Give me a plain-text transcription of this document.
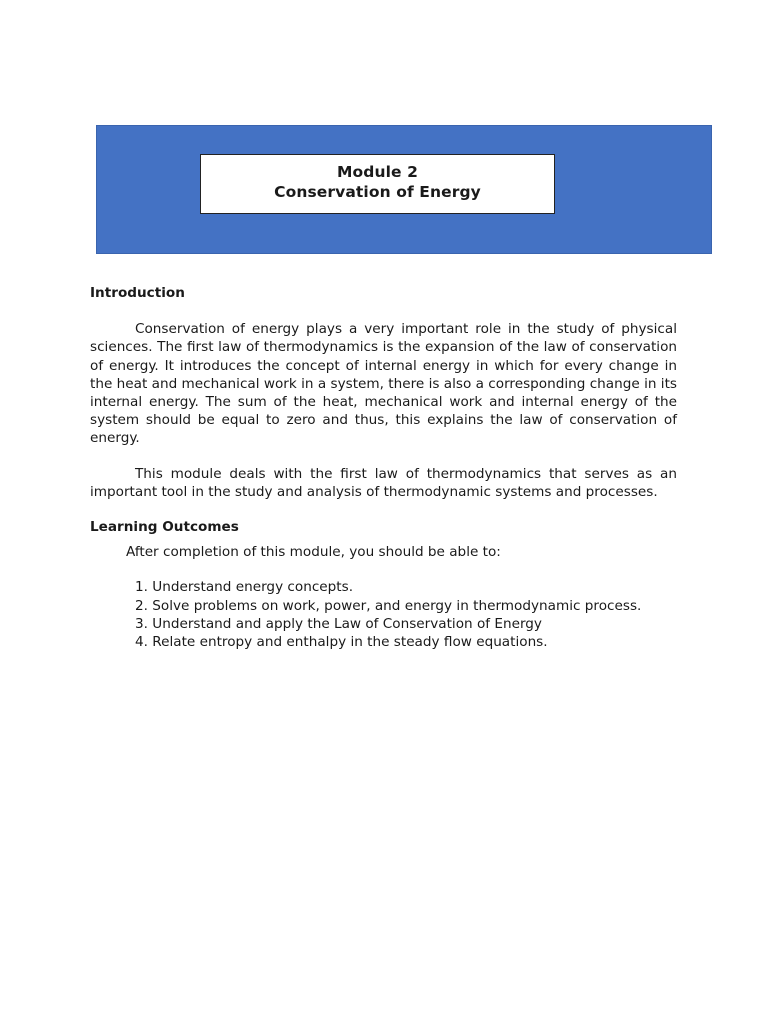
Module 2
Conservation of Energy

Introduction

Conservation of energy plays a very important role in the study of physical sciences. The first law of thermodynamics is the expansion of the law of conservation of energy. It introduces the concept of internal energy in which for every change in the heat and mechanical work in a system, there is also a corresponding change in its internal energy. The sum of the heat, mechanical work and internal energy of the system should be equal to zero and thus, this explains the law of conservation of energy.

This module deals with the first law of thermodynamics that serves as an important tool in the study and analysis of thermodynamic systems and processes.

Learning Outcomes

After completion of this module, you should be able to:

1. Understand energy concepts.
2. Solve problems on work, power, and energy in thermodynamic process.
3. Understand and apply the Law of Conservation of Energy
4. Relate entropy and enthalpy in the steady flow equations.
